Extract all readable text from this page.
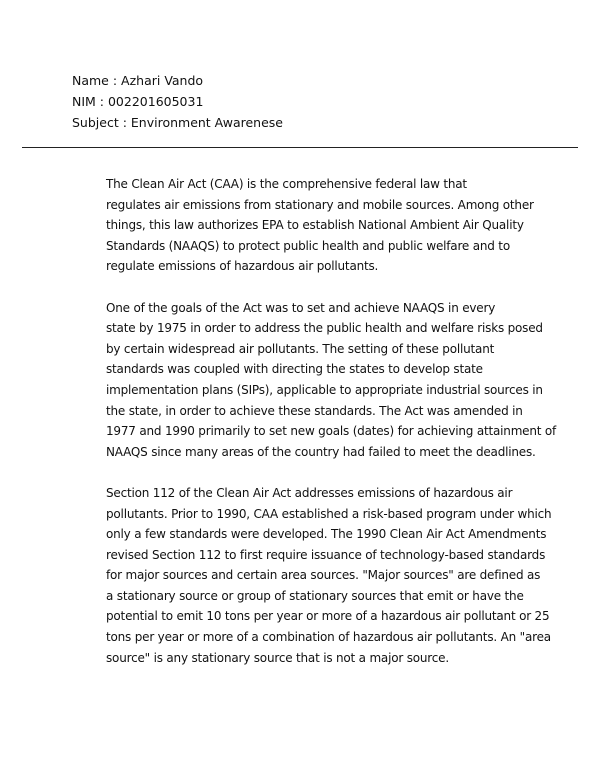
Name : Azhari Vando
NIM : 002201605031
Subject : Environment Awarenese

The Clean Air Act (CAA) is the comprehensive federal law that
regulates air emissions from stationary and mobile sources. Among other
things, this law authorizes EPA to establish National Ambient Air Quality
Standards (NAAQS) to protect public health and public welfare and to
regulate emissions of hazardous air pollutants.

One of the goals of the Act was to set and achieve NAAQS in every
state by 1975 in order to address the public health and welfare risks posed
by certain widespread air pollutants. The setting of these pollutant
standards was coupled with directing the states to develop state
implementation plans (SIPs), applicable to appropriate industrial sources in
the state, in order to achieve these standards. The Act was amended in
1977 and 1990 primarily to set new goals (dates) for achieving attainment of
NAAQS since many areas of the country had failed to meet the deadlines.

Section 112 of the Clean Air Act addresses emissions of hazardous air
pollutants. Prior to 1990, CAA established a risk-based program under which
only a few standards were developed. The 1990 Clean Air Act Amendments
revised Section 112 to first require issuance of technology-based standards
for major sources and certain area sources. "Major sources" are defined as
a stationary source or group of stationary sources that emit or have the
potential to emit 10 tons per year or more of a hazardous air pollutant or 25
tons per year or more of a combination of hazardous air pollutants. An "area
source" is any stationary source that is not a major source.
